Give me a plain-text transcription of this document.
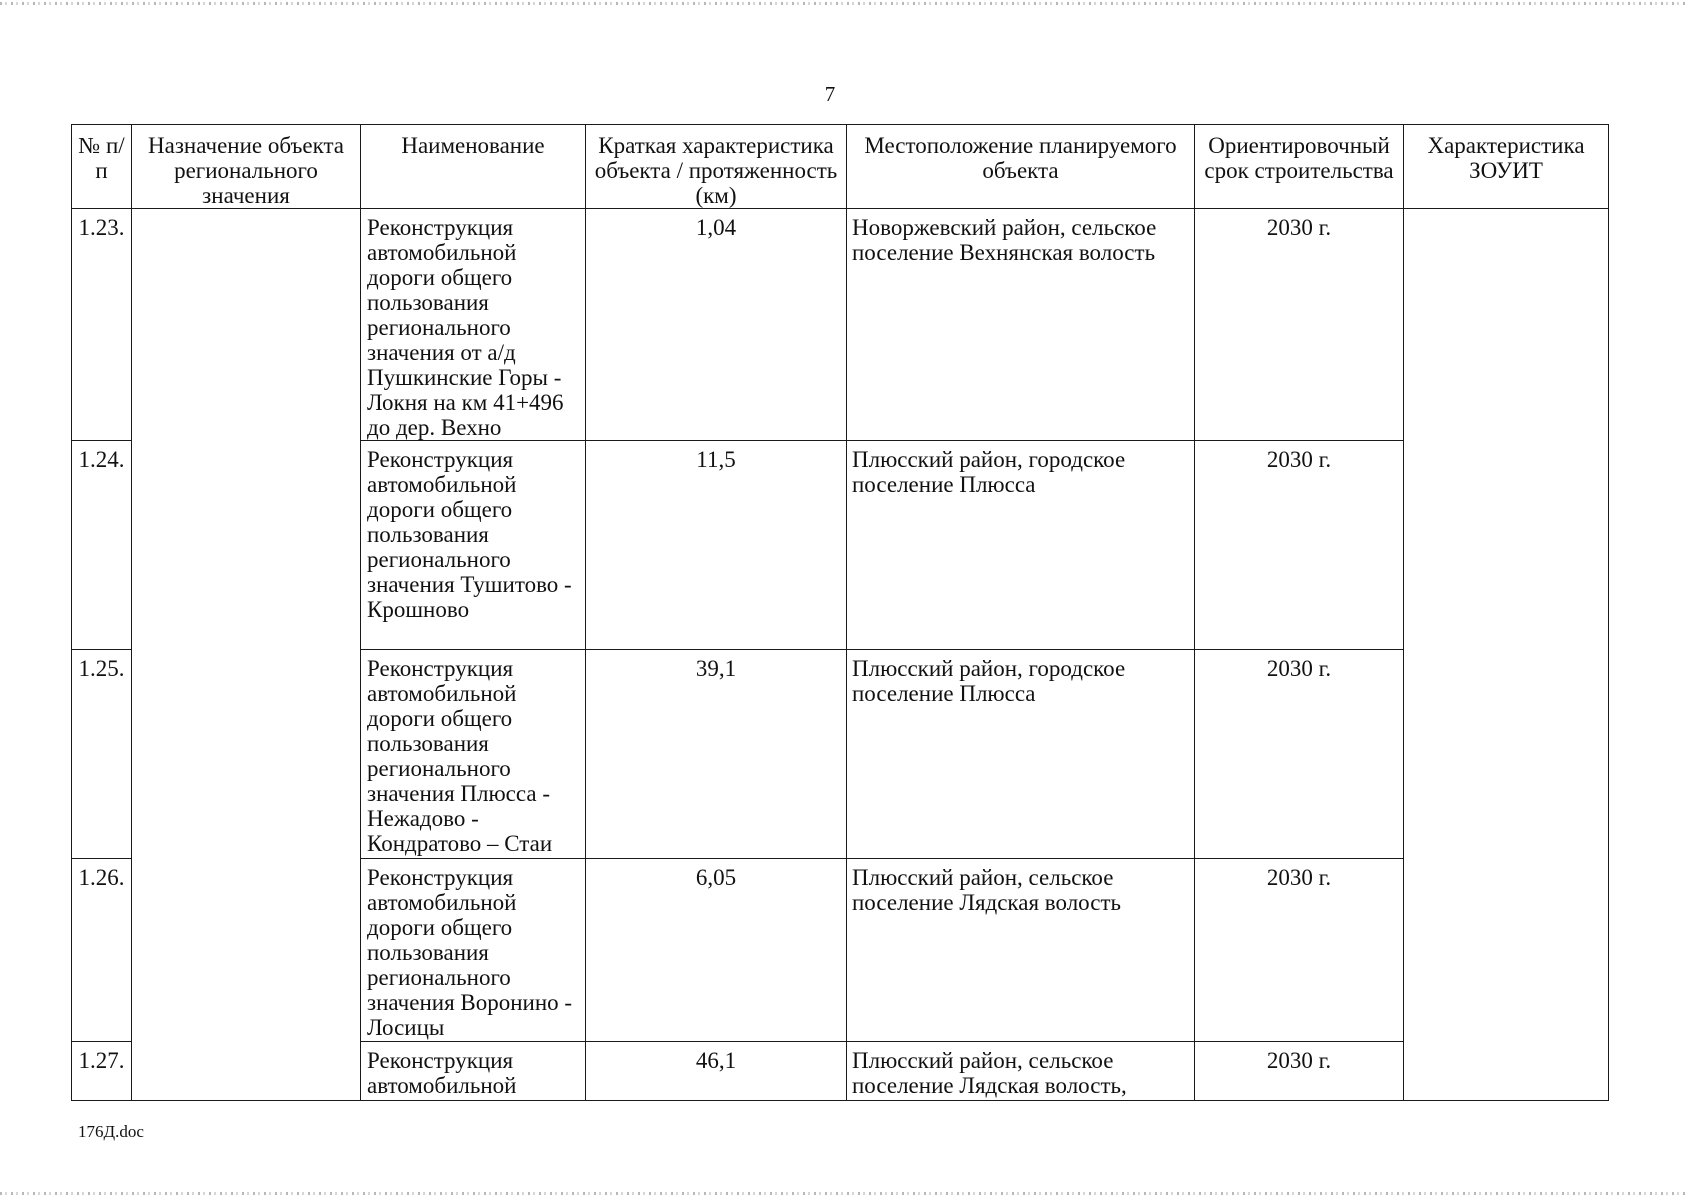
7
№ п/п	Назначение объекта регионального значения	Наименование	Краткая характеристика объекта / протяженность (км)	Местоположение планируемого объекта	Ориентировочный срок строительства	Характеристика ЗОУИТ
1.23.		Реконструкция автомобильной дороги общего пользования регионального значения от а/д Пушкинские Горы - Локня на км 41+496 до дер. Вехно	1,04	Новоржевский район, сельское поселение Вехнянская волость	2030 г.	
1.24.		Реконструкция автомобильной дороги общего пользования регионального значения Тушитово - Крошново	11,5	Плюсский район, городское поселение Плюсса	2030 г.	
1.25.		Реконструкция автомобильной дороги общего пользования регионального значения Плюсса - Нежадово - Кондратово – Стаи	39,1	Плюсский район, городское поселение Плюсса	2030 г.	
1.26.		Реконструкция автомобильной дороги общего пользования регионального значения Воронино - Лосицы	6,05	Плюсский район, сельское поселение Лядская волость	2030 г.	
1.27.		Реконструкция автомобильной	46,1	Плюсский район, сельское поселение Лядская волость,	2030 г.	
176Д.doc
